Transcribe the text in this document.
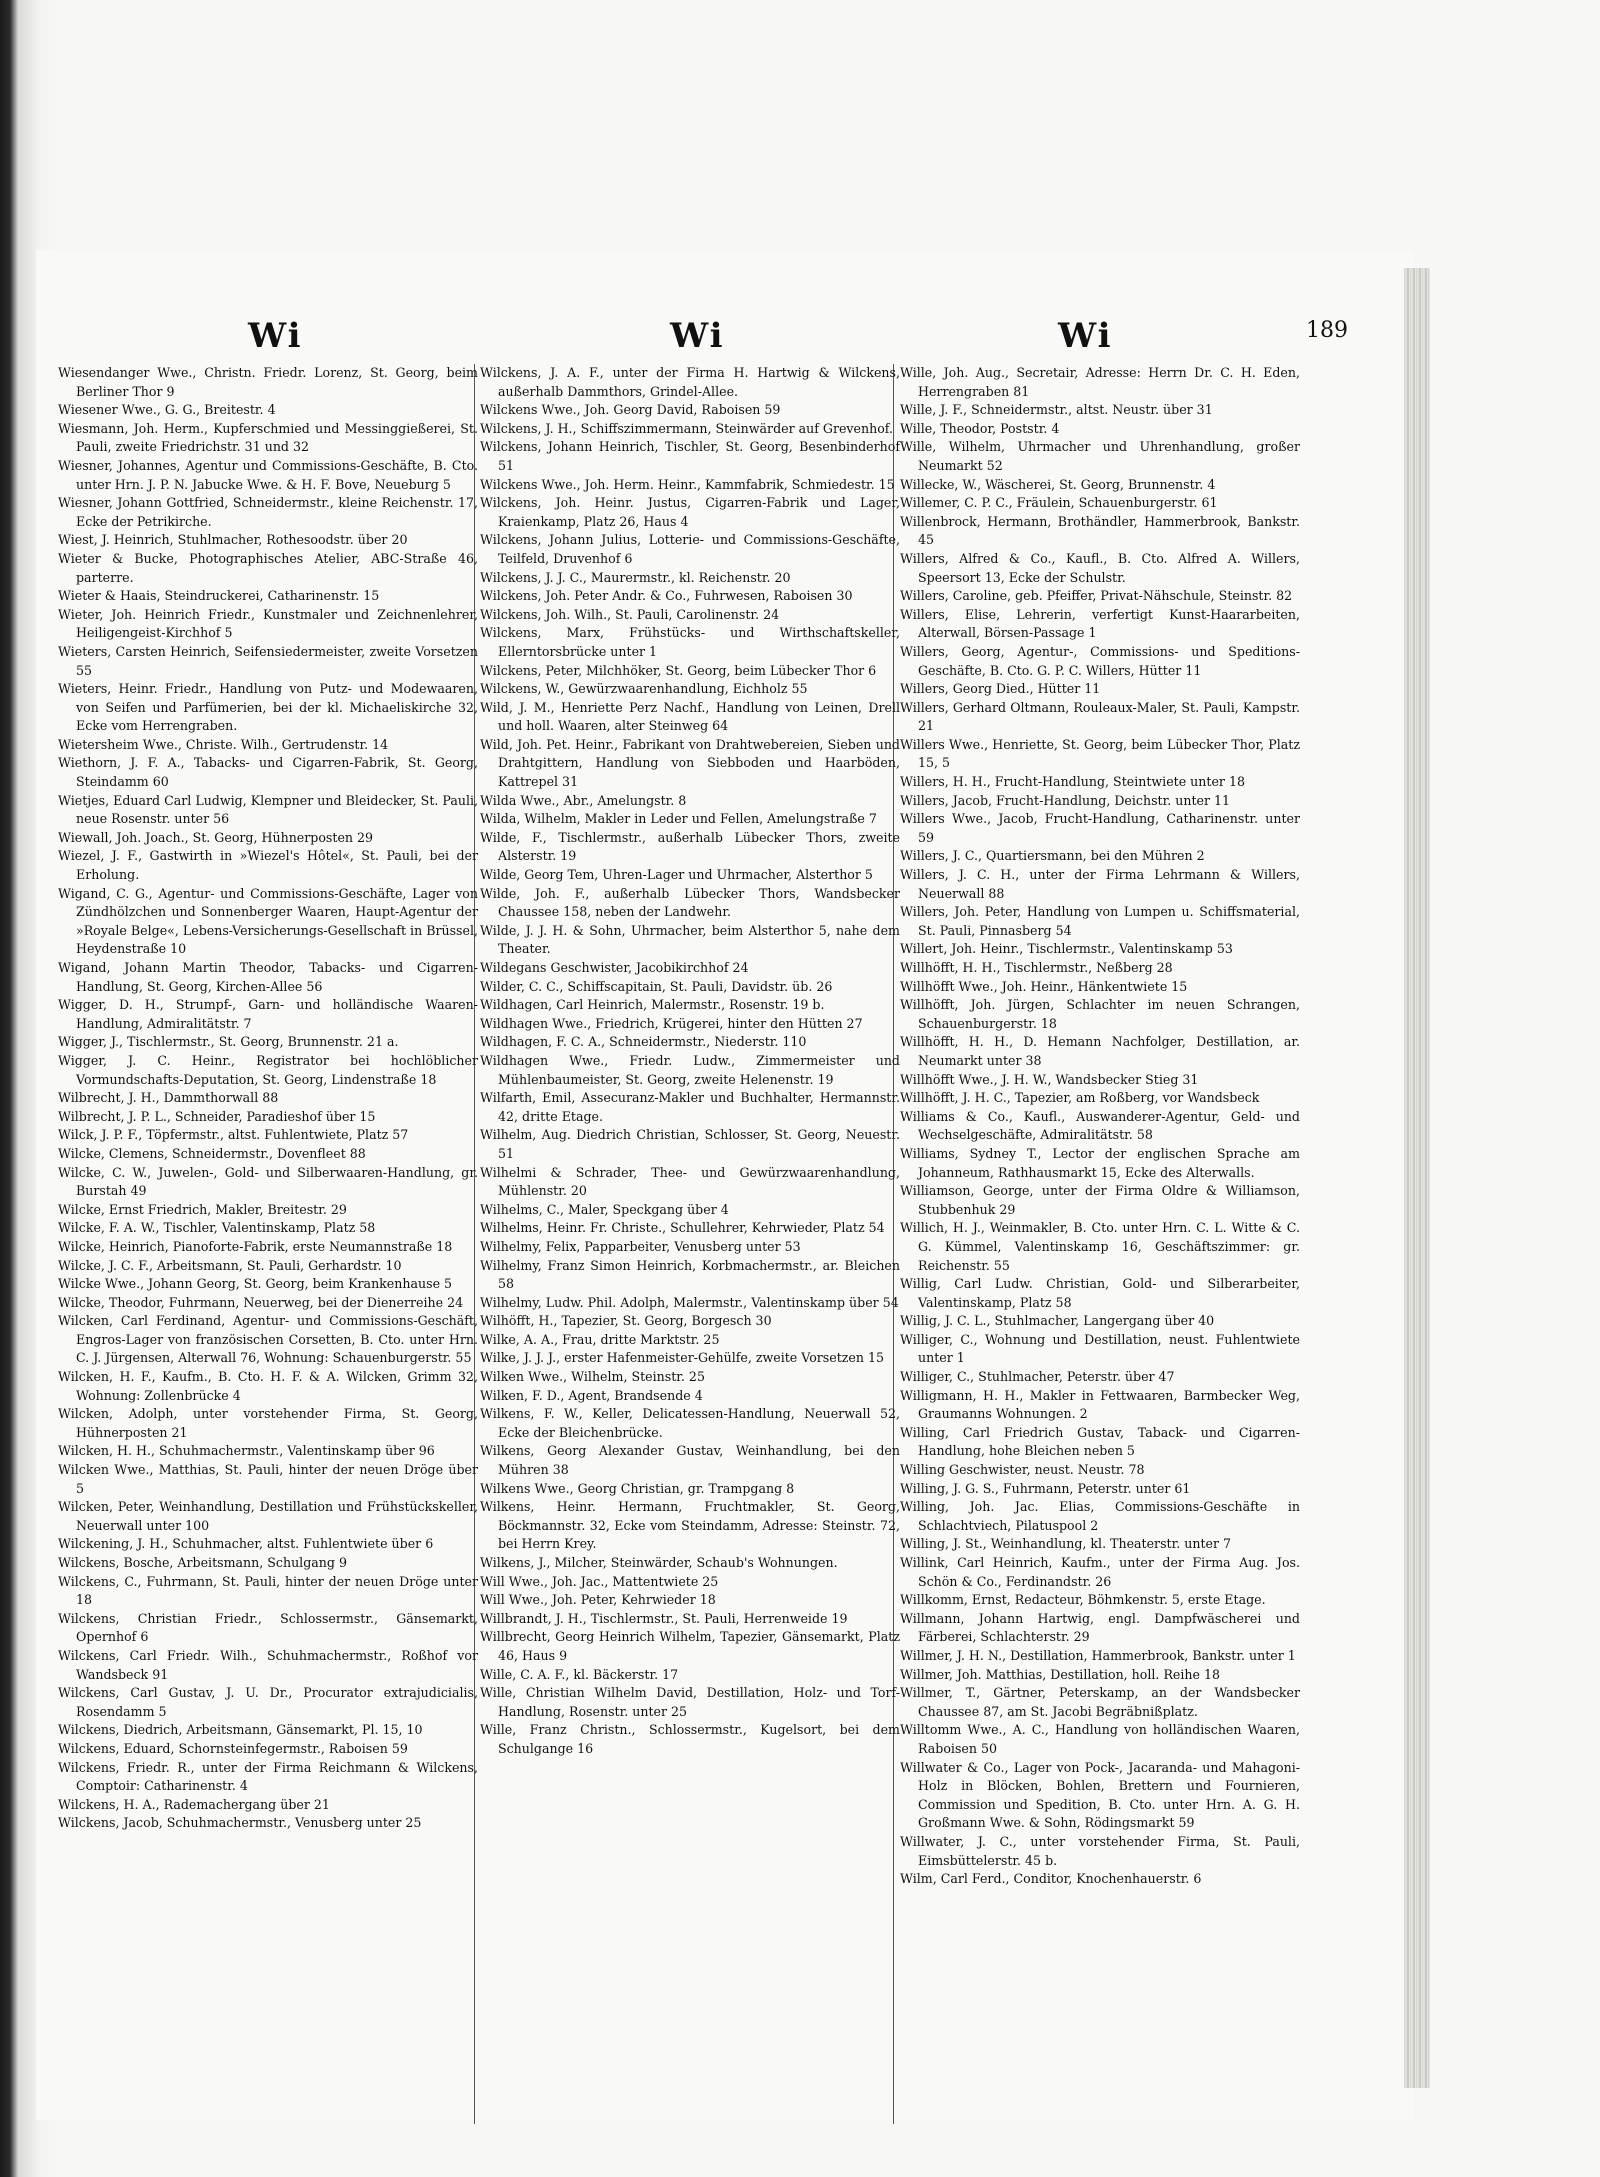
Wi	Wi	Wi	189

Wiesendanger Wwe., Christn. Friedr. Lorenz, St. Georg, beim Berliner Thor 9

Wiesener Wwe., G. G., Breitestr. 4

Wiesmann, Joh. Herm., Kupferschmied und Messinggießerei, St. Pauli, zweite Friedrichstr. 31 und 32

Wiesner, Johannes, Agentur und Commissions-Geschäfte, B. Cto. unter Hrn. J. P. N. Jabucke Wwe. & H. F. Bove, Neueburg 5

Wiesner, Johann Gottfried, Schneidermstr., kleine Reichenstr. 17, Ecke der Petrikirche.

Wiest, J. Heinrich, Stuhlmacher, Rothesoodstr. über 20

Wieter & Bucke, Photographisches Atelier, ABC-Straße 46, parterre.

Wieter & Haais, Steindruckerei, Catharinenstr. 15

Wieter, Joh. Heinrich Friedr., Kunstmaler und Zeichnenlehrer, Heiligengeist-Kirchhof 5

Wieters, Carsten Heinrich, Seifensiedermeister, zweite Vorsetzen 55

Wieters, Heinr. Friedr., Handlung von Putz- und Modewaaren, von Seifen und Parfümerien, bei der kl. Michaeliskirche 32, Ecke vom Herrengraben.

Wietersheim Wwe., Christe. Wilh., Gertrudenstr. 14

Wiethorn, J. F. A., Tabacks- und Cigarren-Fabrik, St. Georg, Steindamm 60

Wietjes, Eduard Carl Ludwig, Klempner und Bleidecker, St. Pauli, neue Rosenstr. unter 56

Wiewall, Joh. Joach., St. Georg, Hühnerposten 29

Wiezel, J. F., Gastwirth in »Wiezel's Hôtel«, St. Pauli, bei der Erholung.

Wigand, C. G., Agentur- und Commissions-Geschäfte, Lager von Zündhölzchen und Sonnenberger Waaren, Haupt-Agentur der »Royale Belge«, Lebens-Versicherungs-Gesellschaft in Brüssel, Heydenstraße 10

Wigand, Johann Martin Theodor, Tabacks- und Cigarren-Handlung, St. Georg, Kirchen-Allee 56

Wigger, D. H., Strumpf-, Garn- und holländische Waaren-Handlung, Admiralitätstr. 7

Wigger, J., Tischlermstr., St. Georg, Brunnenstr. 21 a.

Wigger, J. C. Heinr., Registrator bei hochlöblicher Vormundschafts-Deputation, St. Georg, Lindenstraße 18

Wilbrecht, J. H., Dammthorwall 88

Wilbrecht, J. P. L., Schneider, Paradieshof über 15

Wilck, J. P. F., Töpfermstr., altst. Fuhlentwiete, Platz 57

Wilcke, Clemens, Schneidermstr., Dovenfleet 88

Wilcke, C. W., Juwelen-, Gold- und Silberwaaren-Handlung, gr. Burstah 49

Wilcke, Ernst Friedrich, Makler, Breitestr. 29

Wilcke, F. A. W., Tischler, Valentinskamp, Platz 58

Wilcke, Heinrich, Pianoforte-Fabrik, erste Neumannstraße 18

Wilcke, J. C. F., Arbeitsmann, St. Pauli, Gerhardstr. 10

Wilcke Wwe., Johann Georg, St. Georg, beim Krankenhause 5

Wilcke, Theodor, Fuhrmann, Neuerweg, bei der Dienerreihe 24

Wilcken, Carl Ferdinand, Agentur- und Commissions-Geschäft, Engros-Lager von französischen Corsetten, B. Cto. unter Hrn. C. J. Jürgensen, Alterwall 76, Wohnung: Schauenburgerstr. 55

Wilcken, H. F., Kaufm., B. Cto. H. F. & A. Wilcken, Grimm 32, Wohnung: Zollenbrücke 4

Wilcken, Adolph, unter vorstehender Firma, St. Georg, Hühnerposten 21

Wilcken, H. H., Schuhmachermstr., Valentinskamp über 96

Wilcken Wwe., Matthias, St. Pauli, hinter der neuen Dröge über 5

Wilcken, Peter, Weinhandlung, Destillation und Frühstückskeller, Neuerwall unter 100

Wilckening, J. H., Schuhmacher, altst. Fuhlentwiete über 6

Wilckens, Bosche, Arbeitsmann, Schulgang 9

Wilckens, C., Fuhrmann, St. Pauli, hinter der neuen Dröge unter 18

Wilckens, Christian Friedr., Schlossermstr., Gänsemarkt, Opernhof 6

Wilckens, Carl Friedr. Wilh., Schuhmachermstr., Roßhof vor Wandsbeck 91

Wilckens, Carl Gustav, J. U. Dr., Procurator extrajudicialis, Rosendamm 5

Wilckens, Diedrich, Arbeitsmann, Gänsemarkt, Pl. 15, 10

Wilckens, Eduard, Schornsteinfegermstr., Raboisen 59

Wilckens, Friedr. R., unter der Firma Reichmann & Wilckens, Comptoir: Catharinenstr. 4

Wilckens, H. A., Rademachergang über 21

Wilckens, Jacob, Schuhmachermstr., Venusberg unter 25

Wilckens, J. A. F., unter der Firma H. Hartwig & Wilckens, außerhalb Dammthors, Grindel-Allee.

Wilckens Wwe., Joh. Georg David, Raboisen 59

Wilckens, J. H., Schiffszimmermann, Steinwärder auf Grevenhof.

Wilckens, Johann Heinrich, Tischler, St. Georg, Besenbinderhof 51

Wilckens Wwe., Joh. Herm. Heinr., Kammfabrik, Schmiedestr. 15

Wilckens, Joh. Heinr. Justus, Cigarren-Fabrik und Lager, Kraienkamp, Platz 26, Haus 4

Wilckens, Johann Julius, Lotterie- und Commissions-Geschäfte, Teilfeld, Druvenhof 6

Wilckens, J. J. C., Maurermstr., kl. Reichenstr. 20

Wilckens, Joh. Peter Andr. & Co., Fuhrwesen, Raboisen 30

Wilckens, Joh. Wilh., St. Pauli, Carolinenstr. 24

Wilckens, Marx, Frühstücks- und Wirthschaftskeller, Ellerntorsbrücke unter 1

Wilckens, Peter, Milchhöker, St. Georg, beim Lübecker Thor 6

Wilckens, W., Gewürzwaarenhandlung, Eichholz 55

Wild, J. M., Henriette Perz Nachf., Handlung von Leinen, Drell und holl. Waaren, alter Steinweg 64

Wild, Joh. Pet. Heinr., Fabrikant von Drahtwebereien, Sieben und Drahtgittern, Handlung von Siebboden und Haarböden, Kattrepel 31

Wilda Wwe., Abr., Amelungstr. 8

Wilda, Wilhelm, Makler in Leder und Fellen, Amelungstraße 7

Wilde, F., Tischlermstr., außerhalb Lübecker Thors, zweite Alsterstr. 19

Wilde, Georg Tem, Uhren-Lager und Uhrmacher, Alsterthor 5

Wilde, Joh. F., außerhalb Lübecker Thors, Wandsbecker Chaussee 158, neben der Landwehr.

Wilde, J. J. H. & Sohn, Uhrmacher, beim Alsterthor 5, nahe dem Theater.

Wildegans Geschwister, Jacobikirchhof 24

Wilder, C. C., Schiffscapitain, St. Pauli, Davidstr. üb. 26

Wildhagen, Carl Heinrich, Malermstr., Rosenstr. 19 b.

Wildhagen Wwe., Friedrich, Krügerei, hinter den Hütten 27

Wildhagen, F. C. A., Schneidermstr., Niederstr. 110

Wildhagen Wwe., Friedr. Ludw., Zimmermeister und Mühlenbaumeister, St. Georg, zweite Helenenstr. 19

Wilfarth, Emil, Assecuranz-Makler und Buchhalter, Hermannstr. 42, dritte Etage.

Wilhelm, Aug. Diedrich Christian, Schlosser, St. Georg, Neuestr. 51

Wilhelmi & Schrader, Thee- und Gewürzwaarenhandlung, Mühlenstr. 20

Wilhelms, C., Maler, Speckgang über 4

Wilhelms, Heinr. Fr. Christe., Schullehrer, Kehrwieder, Platz 54

Wilhelmy, Felix, Papparbeiter, Venusberg unter 53

Wilhelmy, Franz Simon Heinrich, Korbmachermstr., ar. Bleichen 58

Wilhelmy, Ludw. Phil. Adolph, Malermstr., Valentinskamp über 54

Wilhöfft, H., Tapezier, St. Georg, Borgesch 30

Wilke, A. A., Frau, dritte Marktstr. 25

Wilke, J. J. J., erster Hafenmeister-Gehülfe, zweite Vorsetzen 15

Wilken Wwe., Wilhelm, Steinstr. 25

Wilken, F. D., Agent, Brandsende 4

Wilkens, F. W., Keller, Delicatessen-Handlung, Neuerwall 52, Ecke der Bleichenbrücke.

Wilkens, Georg Alexander Gustav, Weinhandlung, bei den Mühren 38

Wilkens Wwe., Georg Christian, gr. Trampgang 8

Wilkens, Heinr. Hermann, Fruchtmakler, St. Georg, Böckmannstr. 32, Ecke vom Steindamm, Adresse: Steinstr. 72, bei Herrn Krey.

Wilkens, J., Milcher, Steinwärder, Schaub's Wohnungen.

Will Wwe., Joh. Jac., Mattentwiete 25

Will Wwe., Joh. Peter, Kehrwieder 18

Willbrandt, J. H., Tischlermstr., St. Pauli, Herrenweide 19

Willbrecht, Georg Heinrich Wilhelm, Tapezier, Gänsemarkt, Platz 46, Haus 9

Wille, C. A. F., kl. Bäckerstr. 17

Wille, Christian Wilhelm David, Destillation, Holz- und Torf-Handlung, Rosenstr. unter 25

Wille, Franz Christn., Schlossermstr., Kugelsort, bei dem Schulgange 16

Wille, Joh. Aug., Secretair, Adresse: Herrn Dr. C. H. Eden, Herrengraben 81

Wille, J. F., Schneidermstr., altst. Neustr. über 31

Wille, Theodor, Poststr. 4

Wille, Wilhelm, Uhrmacher und Uhrenhandlung, großer Neumarkt 52

Willecke, W., Wäscherei, St. Georg, Brunnenstr. 4

Willemer, C. P. C., Fräulein, Schauenburgerstr. 61

Willenbrock, Hermann, Brothändler, Hammerbrook, Bankstr. 45

Willers, Alfred & Co., Kaufl., B. Cto. Alfred A. Willers, Speersort 13, Ecke der Schulstr.

Willers, Caroline, geb. Pfeiffer, Privat-Nähschule, Steinstr. 82

Willers, Elise, Lehrerin, verfertigt Kunst-Haararbeiten, Alterwall, Börsen-Passage 1

Willers, Georg, Agentur-, Commissions- und Speditions-Geschäfte, B. Cto. G. P. C. Willers, Hütter 11

Willers, Georg Died., Hütter 11

Willers, Gerhard Oltmann, Rouleaux-Maler, St. Pauli, Kampstr. 21

Willers Wwe., Henriette, St. Georg, beim Lübecker Thor, Platz 15, 5

Willers, H. H., Frucht-Handlung, Steintwiete unter 18

Willers, Jacob, Frucht-Handlung, Deichstr. unter 11

Willers Wwe., Jacob, Frucht-Handlung, Catharinenstr. unter 59

Willers, J. C., Quartiersmann, bei den Mühren 2

Willers, J. C. H., unter der Firma Lehrmann & Willers, Neuerwall 88

Willers, Joh. Peter, Handlung von Lumpen u. Schiffsmaterial, St. Pauli, Pinnasberg 54

Willert, Joh. Heinr., Tischlermstr., Valentinskamp 53

Willhöfft, H. H., Tischlermstr., Neßberg 28

Willhöfft Wwe., Joh. Heinr., Hänkentwiete 15

Willhöfft, Joh. Jürgen, Schlachter im neuen Schrangen, Schauenburgerstr. 18

Willhöfft, H. H., D. Hemann Nachfolger, Destillation, ar. Neumarkt unter 38

Willhöfft Wwe., J. H. W., Wandsbecker Stieg 31

Willhöfft, J. H. C., Tapezier, am Roßberg, vor Wandsbeck

Williams & Co., Kaufl., Auswanderer-Agentur, Geld- und Wechselgeschäfte, Admiralitätstr. 58

Williams, Sydney T., Lector der englischen Sprache am Johanneum, Rathhausmarkt 15, Ecke des Alterwalls.

Williamson, George, unter der Firma Oldre & Williamson, Stubbenhuk 29

Willich, H. J., Weinmakler, B. Cto. unter Hrn. C. L. Witte & C. G. Kümmel, Valentinskamp 16, Geschäftszimmer: gr. Reichenstr. 55

Willig, Carl Ludw. Christian, Gold- und Silberarbeiter, Valentinskamp, Platz 58

Willig, J. C. L., Stuhlmacher, Langergang über 40

Williger, C., Wohnung und Destillation, neust. Fuhlentwiete unter 1

Williger, C., Stuhlmacher, Peterstr. über 47

Willigmann, H. H., Makler in Fettwaaren, Barmbecker Weg, Graumanns Wohnungen. 2

Willing, Carl Friedrich Gustav, Taback- und Cigarren-Handlung, hohe Bleichen neben 5

Willing Geschwister, neust. Neustr. 78

Willing, J. G. S., Fuhrmann, Peterstr. unter 61

Willing, Joh. Jac. Elias, Commissions-Geschäfte in Schlachtviech, Pilatuspool 2

Willing, J. St., Weinhandlung, kl. Theaterstr. unter 7

Willink, Carl Heinrich, Kaufm., unter der Firma Aug. Jos. Schön & Co., Ferdinandstr. 26

Willkomm, Ernst, Redacteur, Böhmkenstr. 5, erste Etage.

Willmann, Johann Hartwig, engl. Dampfwäscherei und Färberei, Schlachterstr. 29

Willmer, J. H. N., Destillation, Hammerbrook, Bankstr. unter 1

Willmer, Joh. Matthias, Destillation, holl. Reihe 18

Willmer, T., Gärtner, Peterskamp, an der Wandsbecker Chaussee 87, am St. Jacobi Begräbnißplatz.

Willtomm Wwe., A. C., Handlung von holländischen Waaren, Raboisen 50

Willwater & Co., Lager von Pock-, Jacaranda- und Mahagoni-Holz in Blöcken, Bohlen, Brettern und Fournieren, Commission und Spedition, B. Cto. unter Hrn. A. G. H. Großmann Wwe. & Sohn, Rödingsmarkt 59

Willwater, J. C., unter vorstehender Firma, St. Pauli, Eimsbüttelerstr. 45 b.

Wilm, Carl Ferd., Conditor, Knochenhauerstr. 6
